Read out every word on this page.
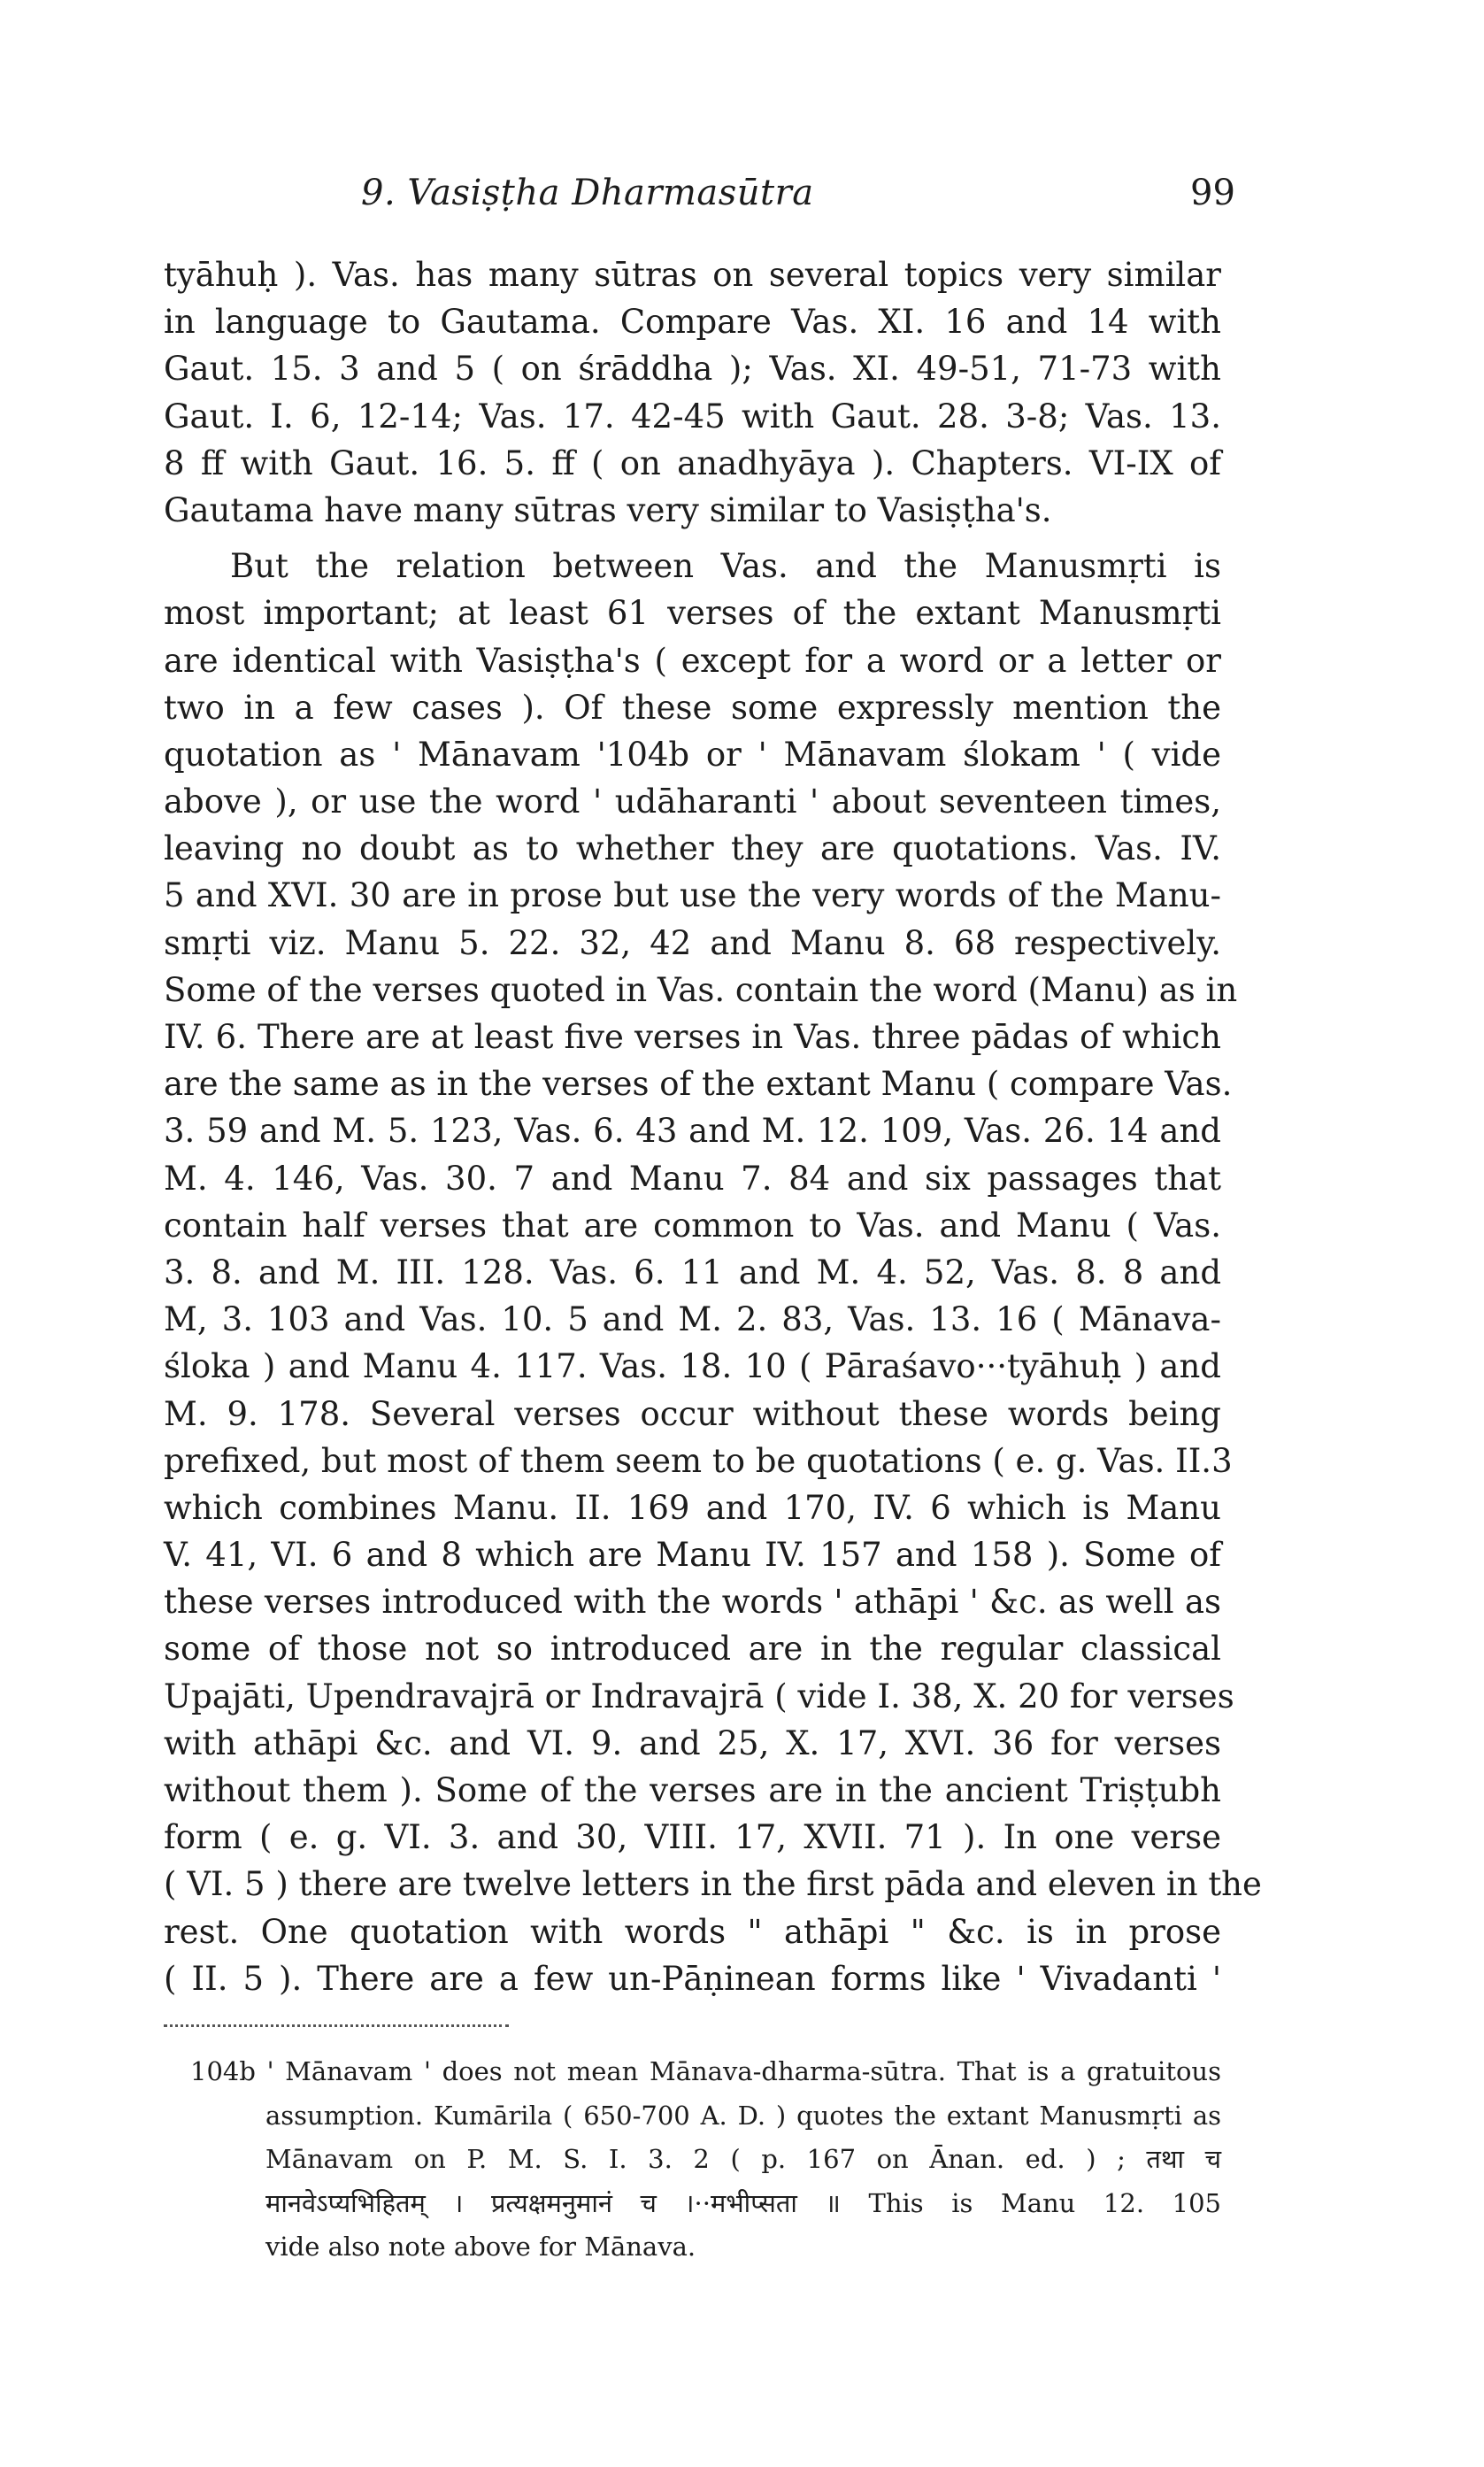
9. Vasiṣṭha Dharmasūtra	99
tyāhuḥ ). Vas. has many sūtras on several topics very similar
in language to Gautama. Compare Vas. XI. 16 and 14 with
Gaut. 15. 3 and 5 ( on śrāddha ); Vas. XI. 49-51, 71-73 with
Gaut. I. 6, 12-14; Vas. 17. 42-45 with Gaut. 28. 3-8; Vas. 13.
8 ff with Gaut. 16. 5. ff ( on anadhyāya ). Chapters. VI-IX of
Gautama have many sūtras very similar to Vasiṣṭha's.
But the relation between Vas. and the Manusmṛti is
most important; at least 61 verses of the extant Manusmṛti
are identical with Vasiṣṭha's ( except for a word or a letter or
two in a few cases ). Of these some expressly mention the
quotation as ' Mānavam '104b or ' Mānavam ślokam ' ( vide
above ), or use the word ' udāharanti ' about seventeen times,
leaving no doubt as to whether they are quotations. Vas. IV.
5 and XVI. 30 are in prose but use the very words of the Manu-
smṛti viz. Manu 5. 22. 32, 42 and Manu 8. 68 respectively.
Some of the verses quoted in Vas. contain the word (Manu) as in
IV. 6. There are at least five verses in Vas. three pādas of which
are the same as in the verses of the extant Manu ( compare Vas.
3. 59 and M. 5. 123, Vas. 6. 43 and M. 12. 109, Vas. 26. 14 and
M. 4. 146, Vas. 30. 7 and Manu 7. 84 and six passages that
contain half verses that are common to Vas. and Manu ( Vas.
3. 8. and M. III. 128. Vas. 6. 11 and M. 4. 52, Vas. 8. 8 and
M, 3. 103 and Vas. 10. 5 and M. 2. 83, Vas. 13. 16 ( Mānava-
śloka ) and Manu 4. 117. Vas. 18. 10 ( Pāraśavo···tyāhuḥ ) and
M. 9. 178. Several verses occur without these words being
prefixed, but most of them seem to be quotations ( e. g. Vas. II.3
which combines Manu. II. 169 and 170, IV. 6 which is Manu
V. 41, VI. 6 and 8 which are Manu IV. 157 and 158 ). Some of
these verses introduced with the words ' athāpi ' &c. as well as
some of those not so introduced are in the regular classical
Upajāti, Upendravajrā or Indravajrā ( vide I. 38, X. 20 for verses
with athāpi &c. and VI. 9. and 25, X. 17, XVI. 36 for verses
without them ). Some of the verses are in the ancient Triṣṭubh
form ( e. g. VI. 3. and 30, VIII. 17, XVII. 71 ). In one verse
( VI. 5 ) there are twelve letters in the first pāda and eleven in the
rest. One quotation with words " athāpi " &c. is in prose
( II. 5 ). There are a few un-Pāṇinean forms like ' Vivadanti '
104b ' Mānavam ' does not mean Mānava-dharma-sūtra. That is a gratuitous
assumption. Kumārila ( 650-700 A. D. ) quotes the extant Manusmṛti as
Mānavam on P. M. S. I. 3. 2 ( p. 167 on Ānan. ed. ) ; तथा च
मानवेऽप्यभिहितम् । प्रत्यक्षमनुमानं च ।··मभीप्सता ॥ This is Manu 12. 105
vide also note above for Mānava.
